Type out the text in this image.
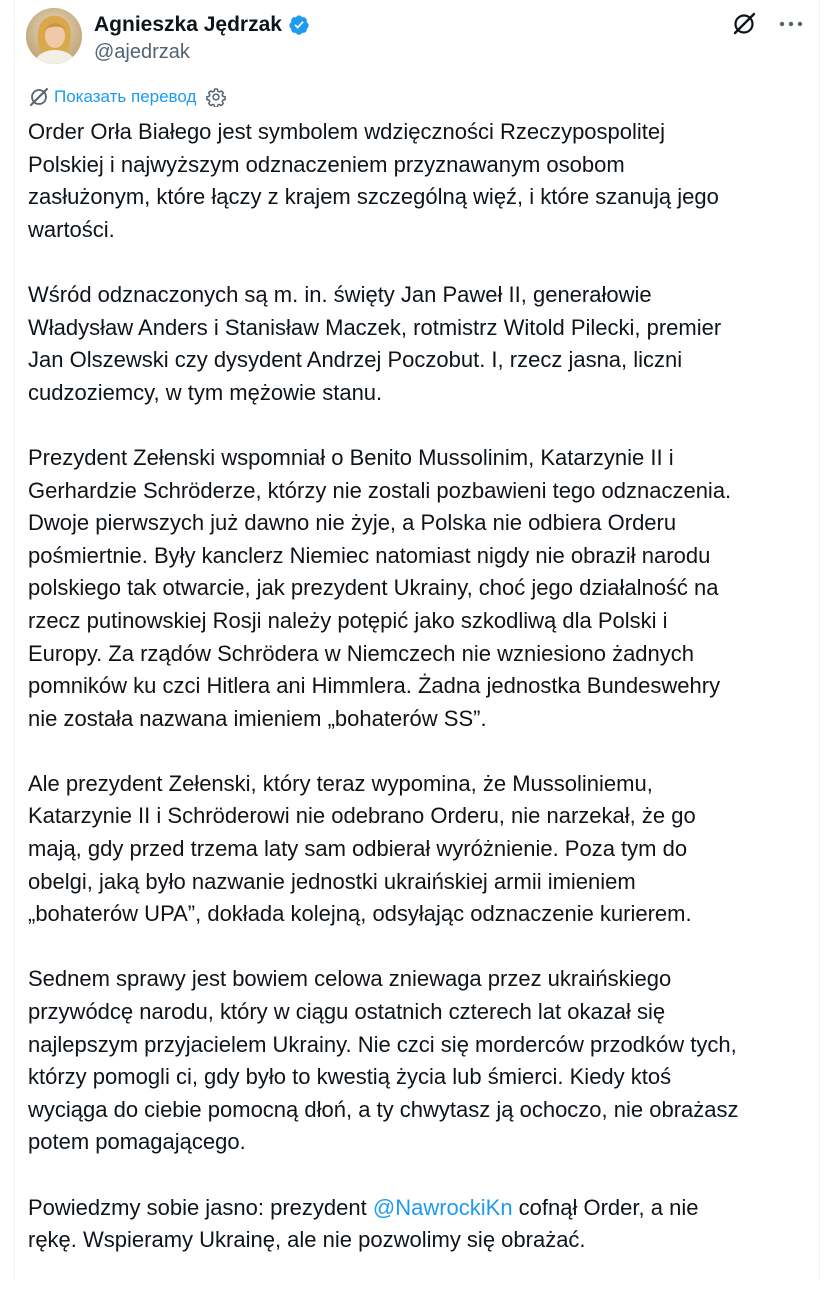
Agnieszka Jędrzak
@ajedrzak
Показать перевод

Order Orła Białego jest symbolem wdzięczności Rzeczypospolitej
Polskiej i najwyższym odznaczeniem przyznawanym osobom
zasłużonym, które łączy z krajem szczególną więź, i które szanują jego
wartości.

Wśród odznaczonych są m. in. święty Jan Paweł II, generałowie
Władysław Anders i Stanisław Maczek, rotmistrz Witold Pilecki, premier
Jan Olszewski czy dysydent Andrzej Poczobut. I, rzecz jasna, liczni
cudzoziemcy, w tym mężowie stanu.

Prezydent Zełenski wspomniał o Benito Mussolinim, Katarzynie II i
Gerhardzie Schröderze, którzy nie zostali pozbawieni tego odznaczenia.
Dwoje pierwszych już dawno nie żyje, a Polska nie odbiera Orderu
pośmiertnie. Były kanclerz Niemiec natomiast nigdy nie obraził narodu
polskiego tak otwarcie, jak prezydent Ukrainy, choć jego działalność na
rzecz putinowskiej Rosji należy potępić jako szkodliwą dla Polski i
Europy. Za rządów Schrödera w Niemczech nie wzniesiono żadnych
pomników ku czci Hitlera ani Himmlera. Żadna jednostka Bundeswehry
nie została nazwana imieniem „bohaterów SS”.

Ale prezydent Zełenski, który teraz wypomina, że Mussoliniemu,
Katarzynie II i Schröderowi nie odebrano Orderu, nie narzekał, że go
mają, gdy przed trzema laty sam odbierał wyróżnienie. Poza tym do
obelgi, jaką było nazwanie jednostki ukraińskiej armii imieniem
„bohaterów UPA”, dokłada kolejną, odsyłając odznaczenie kurierem.

Sednem sprawy jest bowiem celowa zniewaga przez ukraińskiego
przywódcę narodu, który w ciągu ostatnich czterech lat okazał się
najlepszym przyjacielem Ukrainy. Nie czci się morderców przodków tych,
którzy pomogli ci, gdy było to kwestią życia lub śmierci. Kiedy ktoś
wyciąga do ciebie pomocną dłoń, a ty chwytasz ją ochoczo, nie obrażasz
potem pomagającego.

Powiedzmy sobie jasno: prezydent @NawrockiKn cofnął Order, a nie
rękę. Wspieramy Ukrainę, ale nie pozwolimy się obrażać.
